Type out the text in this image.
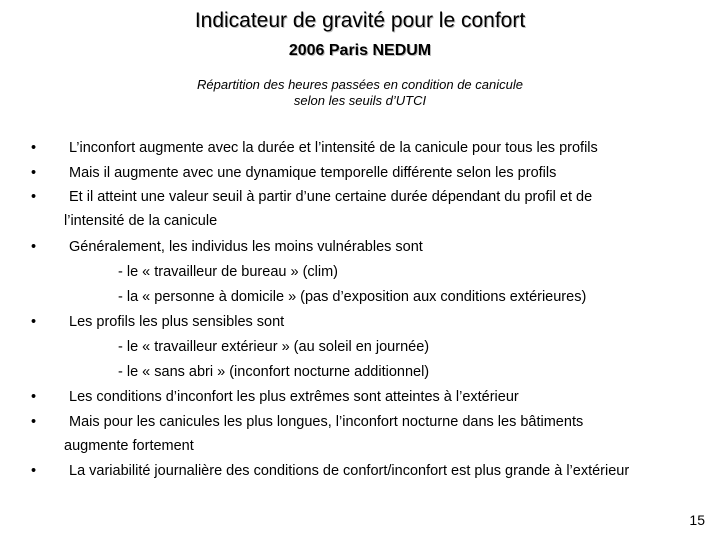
Indicateur de gravité pour le confort
2006 Paris NEDUM
Répartition des heures passées en condition de canicule
selon les seuils d’UTCI
•	L’inconfort augmente avec la durée et l’intensité de la canicule pour tous les profils
•	Mais il augmente avec une dynamique temporelle différente selon les profils
•	Et il atteint une valeur seuil à partir d’une certaine durée dépendant du profil et de
l’intensité de la canicule
•	Généralement, les individus les moins vulnérables sont
- le « travailleur de bureau » (clim)
- la « personne à domicile » (pas d’exposition aux conditions extérieures)
•	Les profils les plus sensibles sont
- le « travailleur extérieur » (au soleil en journée)
- le « sans abri » (inconfort nocturne additionnel)
•	Les conditions d’inconfort les plus extrêmes sont atteintes à l’extérieur
•	Mais pour les canicules les plus longues, l’inconfort nocturne dans les bâtiments
augmente fortement
•	La variabilité journalière des conditions de confort/inconfort est plus grande à l’extérieur
15
